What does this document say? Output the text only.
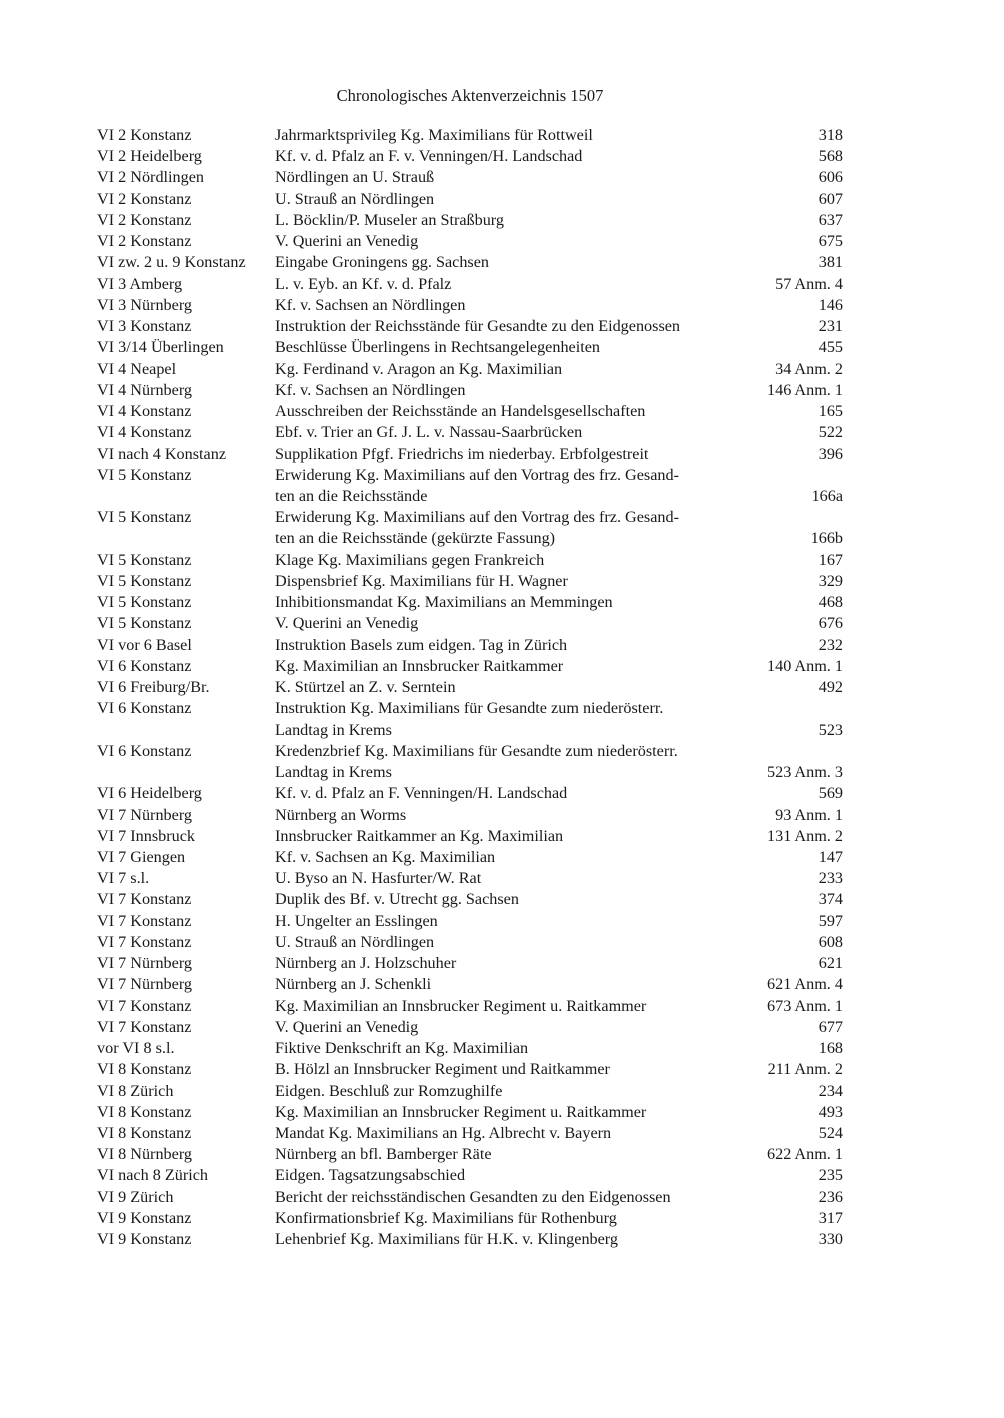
Chronologisches Aktenverzeichnis 1507
VI 2 Konstanz	Jahrmarktsprivileg Kg. Maximilians für Rottweil	318
VI 2 Heidelberg	Kf. v. d. Pfalz an F. v. Venningen/H. Landschad	568
VI 2 Nördlingen	Nördlingen an U. Strauß	606
VI 2 Konstanz	U. Strauß an Nördlingen	607
VI 2 Konstanz	L. Böcklin/P. Museler an Straßburg	637
VI 2 Konstanz	V. Querini an Venedig	675
VI zw. 2 u. 9 Konstanz	Eingabe Groningens gg. Sachsen	381
VI 3 Amberg	L. v. Eyb. an Kf. v. d. Pfalz	57 Anm. 4
VI 3 Nürnberg	Kf. v. Sachsen an Nördlingen	146
VI 3 Konstanz	Instruktion der Reichsstände für Gesandte zu den Eidgenossen	231
VI 3/14 Überlingen	Beschlüsse Überlingens in Rechtsangelegenheiten	455
VI 4 Neapel	Kg. Ferdinand v. Aragon an Kg. Maximilian	34 Anm. 2
VI 4 Nürnberg	Kf. v. Sachsen an Nördlingen	146 Anm. 1
VI 4 Konstanz	Ausschreiben der Reichsstände an Handelsgesellschaften	165
VI 4 Konstanz	Ebf. v. Trier an Gf. J. L. v. Nassau-Saarbrücken	522
VI nach 4 Konstanz	Supplikation Pfgf. Friedrichs im niederbay. Erbfolgestreit	396
VI 5 Konstanz	Erwiderung Kg. Maximilians auf den Vortrag des frz. Gesand-
ten an die Reichsstände	166a
VI 5 Konstanz	Erwiderung Kg. Maximilians auf den Vortrag des frz. Gesand-
ten an die Reichsstände (gekürzte Fassung)	166b
VI 5 Konstanz	Klage Kg. Maximilians gegen Frankreich	167
VI 5 Konstanz	Dispensbrief Kg. Maximilians für H. Wagner	329
VI 5 Konstanz	Inhibitionsmandat Kg. Maximilians an Memmingen	468
VI 5 Konstanz	V. Querini an Venedig	676
VI vor 6 Basel	Instruktion Basels zum eidgen. Tag in Zürich	232
VI 6 Konstanz	Kg. Maximilian an Innsbrucker Raitkammer	140 Anm. 1
VI 6 Freiburg/Br.	K. Stürtzel an Z. v. Serntein	492
VI 6 Konstanz	Instruktion Kg. Maximilians für Gesandte zum niederösterr.
Landtag in Krems	523
VI 6 Konstanz	Kredenzbrief Kg. Maximilians für Gesandte zum niederösterr.
Landtag in Krems	523 Anm. 3
VI 6 Heidelberg	Kf. v. d. Pfalz an F. Venningen/H. Landschad	569
VI 7 Nürnberg	Nürnberg an Worms	93 Anm. 1
VI 7 Innsbruck	Innsbrucker Raitkammer an Kg. Maximilian	131 Anm. 2
VI 7 Giengen	Kf. v. Sachsen an Kg. Maximilian	147
VI 7 s.l.	U. Byso an N. Hasfurter/W. Rat	233
VI 7 Konstanz	Duplik des Bf. v. Utrecht gg. Sachsen	374
VI 7 Konstanz	H. Ungelter an Esslingen	597
VI 7 Konstanz	U. Strauß an Nördlingen	608
VI 7 Nürnberg	Nürnberg an J. Holzschuher	621
VI 7 Nürnberg	Nürnberg an J. Schenkli	621 Anm. 4
VI 7 Konstanz	Kg. Maximilian an Innsbrucker Regiment u. Raitkammer	673 Anm. 1
VI 7 Konstanz	V. Querini an Venedig	677
vor VI 8 s.l.	Fiktive Denkschrift an Kg. Maximilian	168
VI 8 Konstanz	B. Hölzl an Innsbrucker Regiment und Raitkammer	211 Anm. 2
VI 8 Zürich	Eidgen. Beschluß zur Romzughilfe	234
VI 8 Konstanz	Kg. Maximilian an Innsbrucker Regiment u. Raitkammer	493
VI 8 Konstanz	Mandat Kg. Maximilians an Hg. Albrecht v. Bayern	524
VI 8 Nürnberg	Nürnberg an bfl. Bamberger Räte	622 Anm. 1
VI nach 8 Zürich	Eidgen. Tagsatzungsabschied	235
VI 9 Zürich	Bericht der reichsständischen Gesandten zu den Eidgenossen	236
VI 9 Konstanz	Konfirmationsbrief Kg. Maximilians für Rothenburg	317
VI 9 Konstanz	Lehenbrief Kg. Maximilians für H.K. v. Klingenberg	330
